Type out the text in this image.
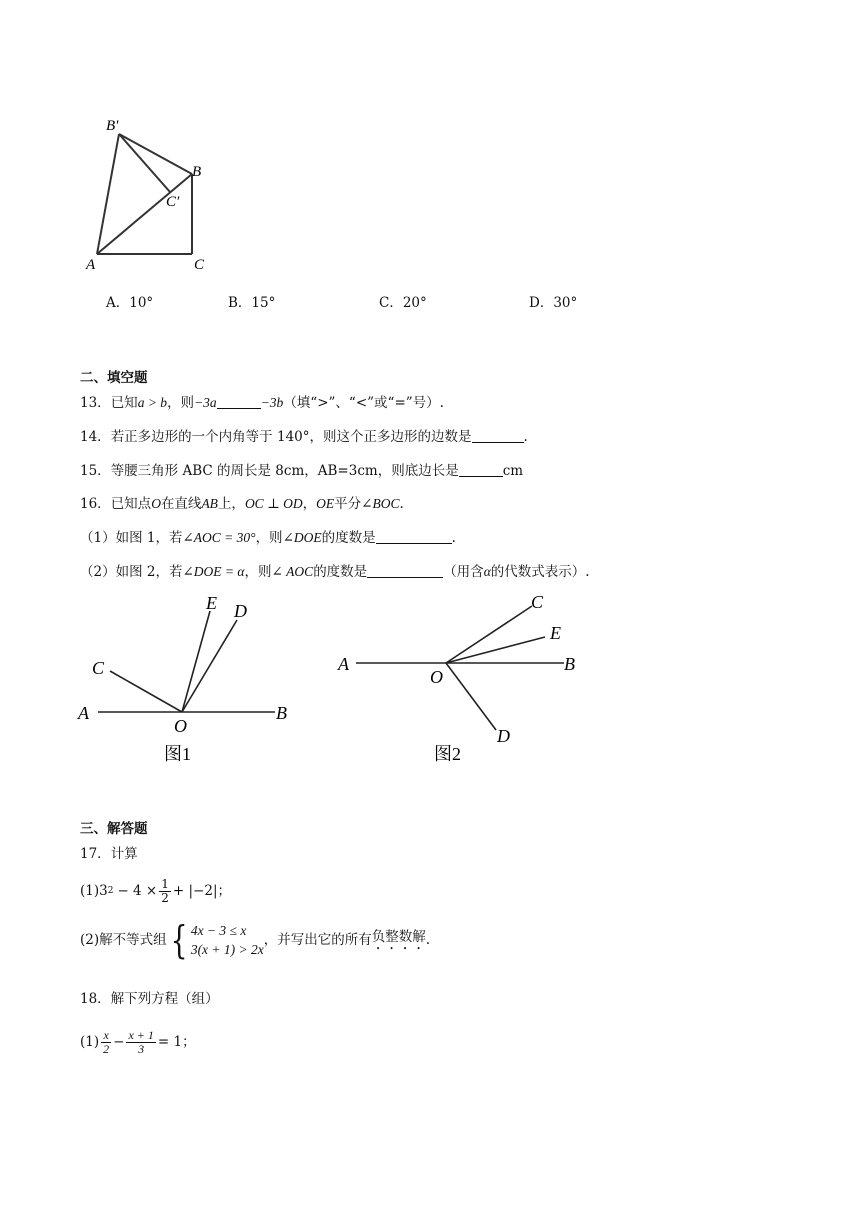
B′
B
C′
A	C
A．10°	B．15°	C．20°	D．30°
二、填空题
13．已知a > b，则−3a	−3b（填“>”、“<”或“=”号）.
14．若正多边形的一个内角等于 140°，则这个正多边形的边数是	.
15．等腰三角形 ABC 的周长是 8cm，AB=3cm，则底边长是	cm
16．已知点O在直线AB上，OC ⊥ OD，OE平分∠BOC.
（1）如图 1，若∠AOC = 30°，则∠DOE的度数是	.
（2）如图 2，若∠DOE = α，则∠ AOC的度数是	（用含α的代数式表示）.
E D
C
A
O
B
图1
C
E
A
O
B
D
图2
三、解答题
17．计算
(1) 3 $2 - 4 \times \frac{1}{2} + |-2|$ ；
(2)解不等式组 { 4x − 3 ≤ x
3(x + 1) > 2x
，并写出它的所有 负整数解 .
18．解下列方程（组）
$(1) \frac{x}{2} - \frac{x + 1}{3} = 1$ ；
